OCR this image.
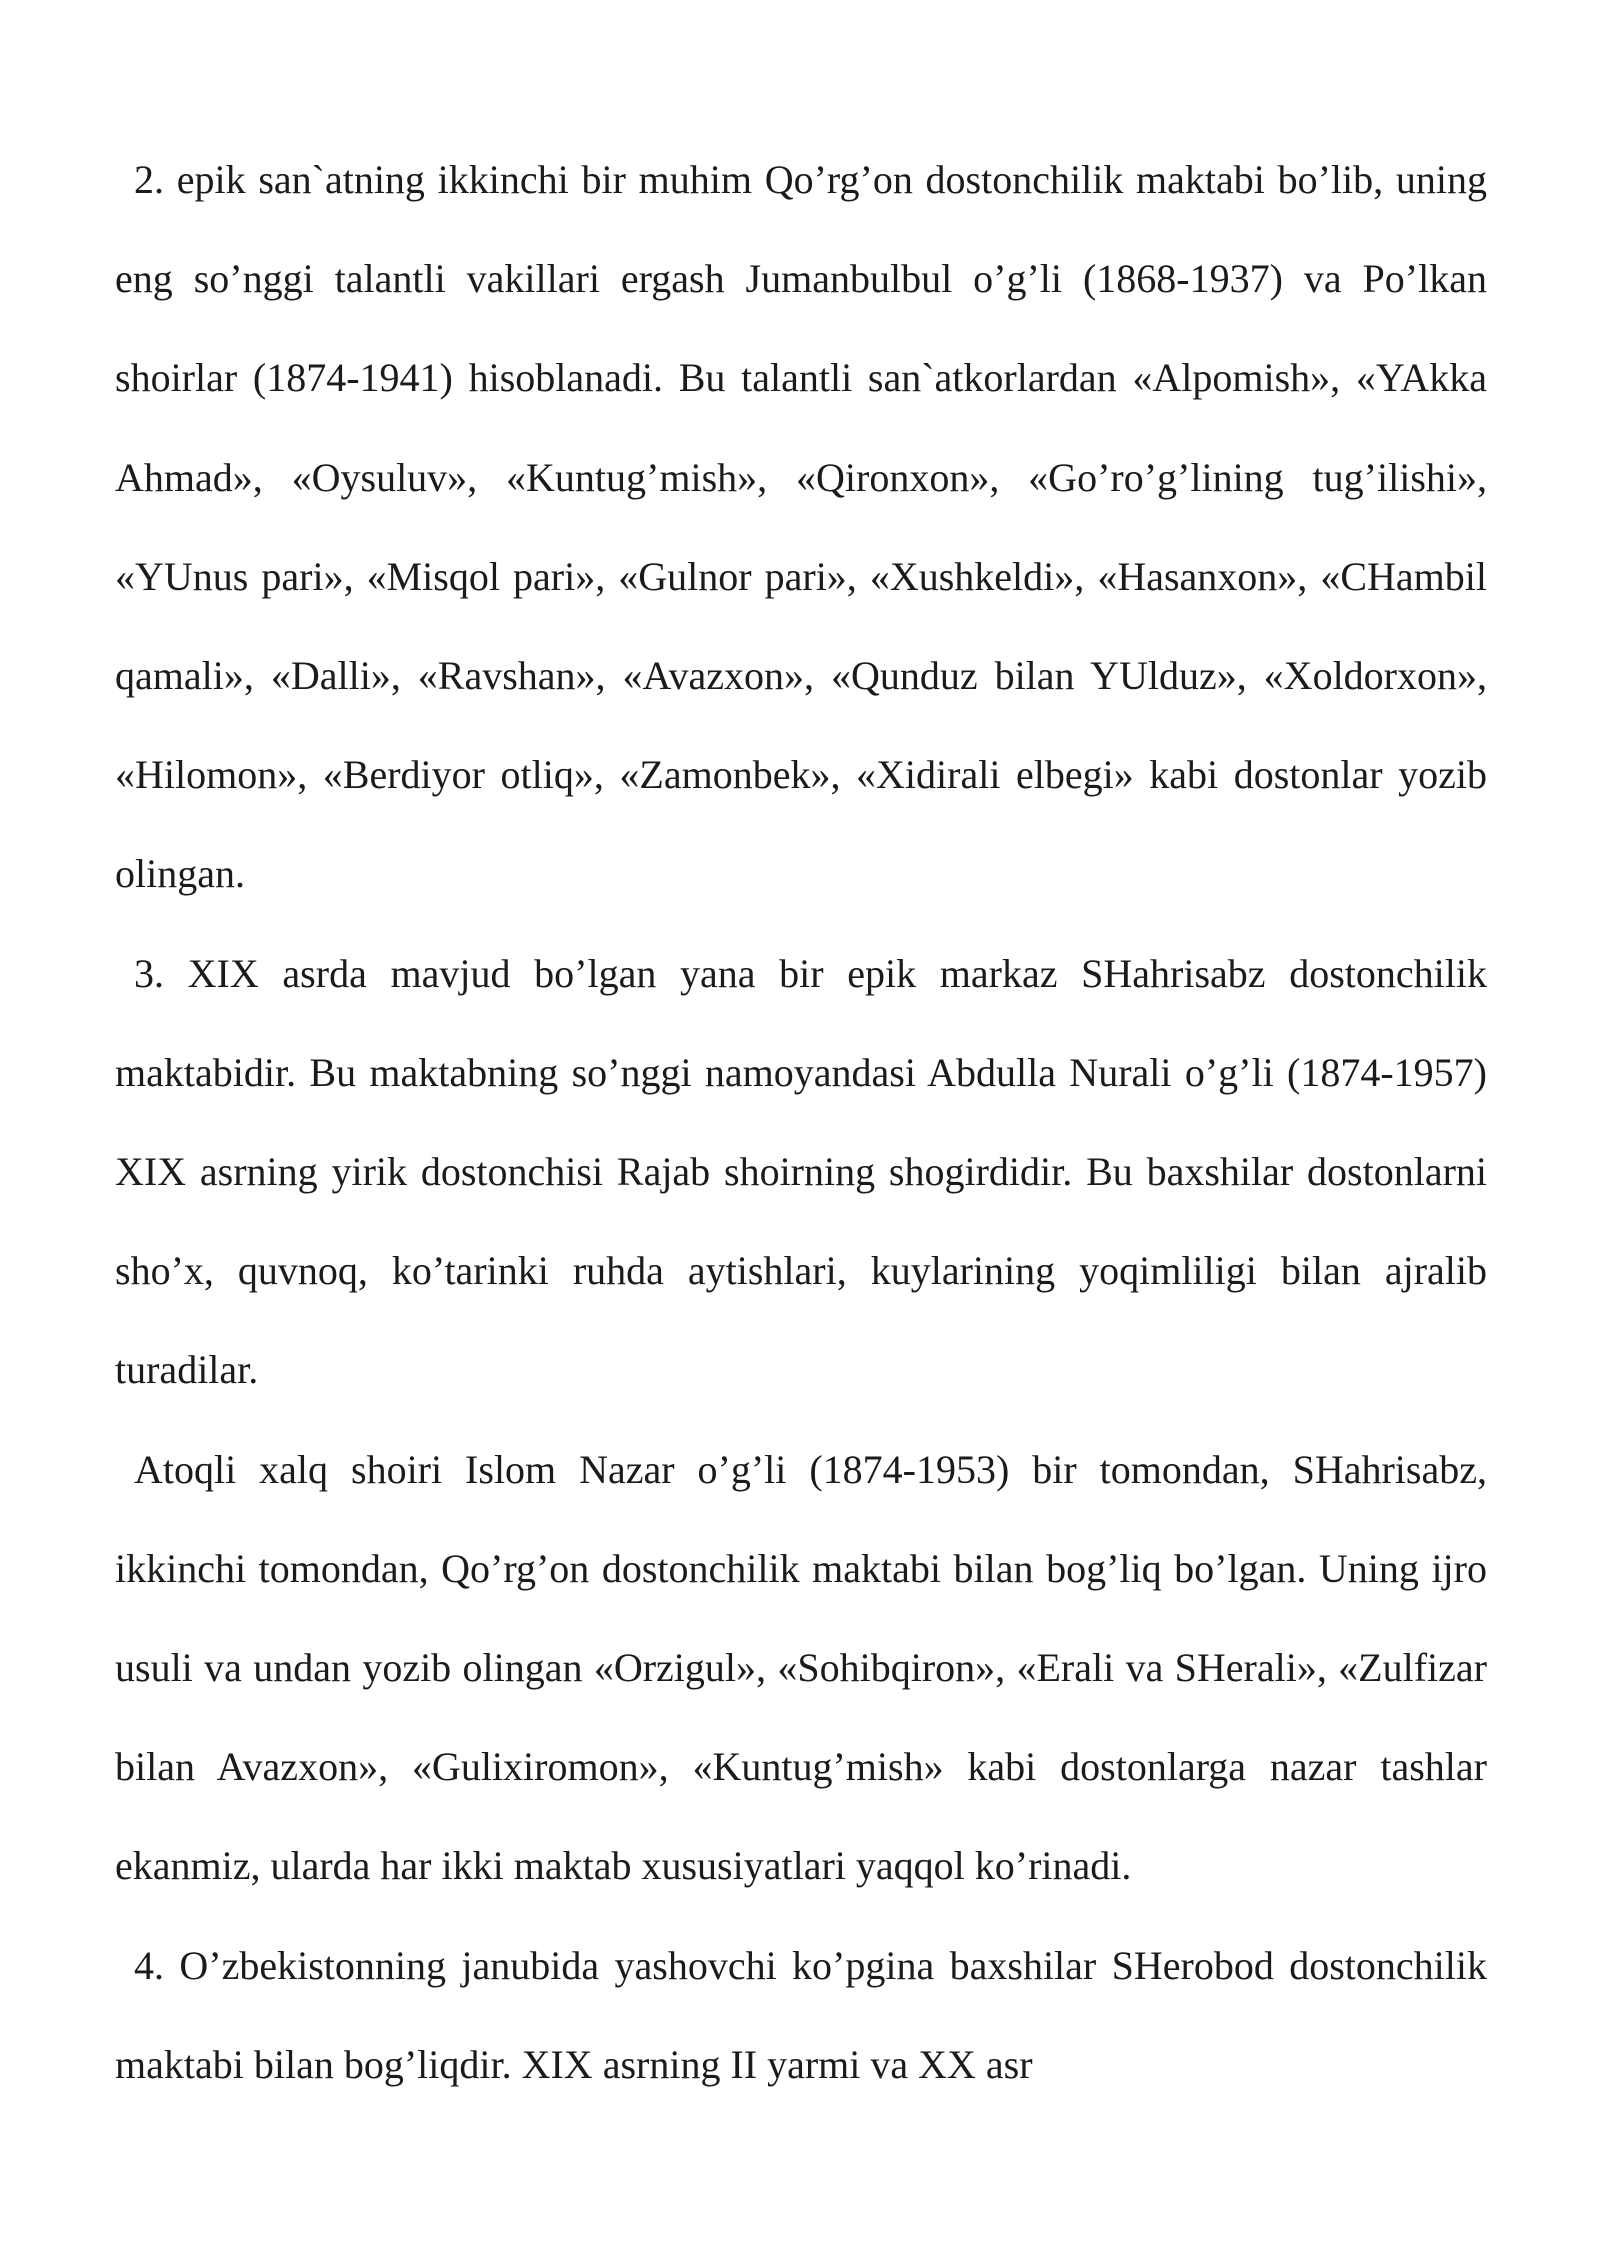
2. epik san`atning ikkinchi bir muhim Qo’rg’on dostonchilik maktabi bo’lib, uning eng so’nggi talantli vakillari ergash Jumanbulbul o’g’li (1868-1937) va Po’lkan shoirlar (1874-1941) hisoblanadi. Bu talantli san`atkorlardan «Alpomish», «YAkka Ahmad», «Oysuluv», «Kuntug’mish», «Qironxon», «Go’ro’g’lining tug’ilishi», «YUnus pari», «Misqol pari», «Gulnor pari», «Xushkeldi», «Hasanxon», «CHambil qamali», «Dalli», «Ravshan», «Avazxon», «Qunduz bilan YUlduz», «Xoldorxon», «Hilomon», «Berdiyor otliq», «Zamonbek», «Xidirali elbegi» kabi dostonlar yozib olingan.

3. XIX asrda mavjud bo’lgan yana bir epik markaz SHahrisabz dostonchilik maktabidir. Bu maktabning so’nggi namoyandasi Abdulla Nurali o’g’li (1874-1957) XIX asrning yirik dostonchisi Rajab shoirning shogirdidir. Bu baxshilar dostonlarni sho’x, quvnoq, ko’tarinki ruhda aytishlari, kuylarining yoqimliligi bilan ajralib turadilar.

Atoqli xalq shoiri Islom Nazar o’g’li (1874-1953) bir tomondan, SHahrisabz, ikkinchi tomondan, Qo’rg’on dostonchilik maktabi bilan bog’liq bo’lgan. Uning ijro usuli va undan yozib olingan «Orzigul», «Sohibqiron», «Erali va SHerali», «Zulfizar bilan Avazxon», «Gulixiromon», «Kuntug’mish» kabi dostonlarga nazar tashlar ekanmiz, ularda har ikki maktab xususiyatlari yaqqol ko’rinadi.

4. O’zbekistonning janubida yashovchi ko’pgina baxshilar SHerobod dostonchilik maktabi bilan bog’liqdir. XIX asrning II yarmi va XX asr
